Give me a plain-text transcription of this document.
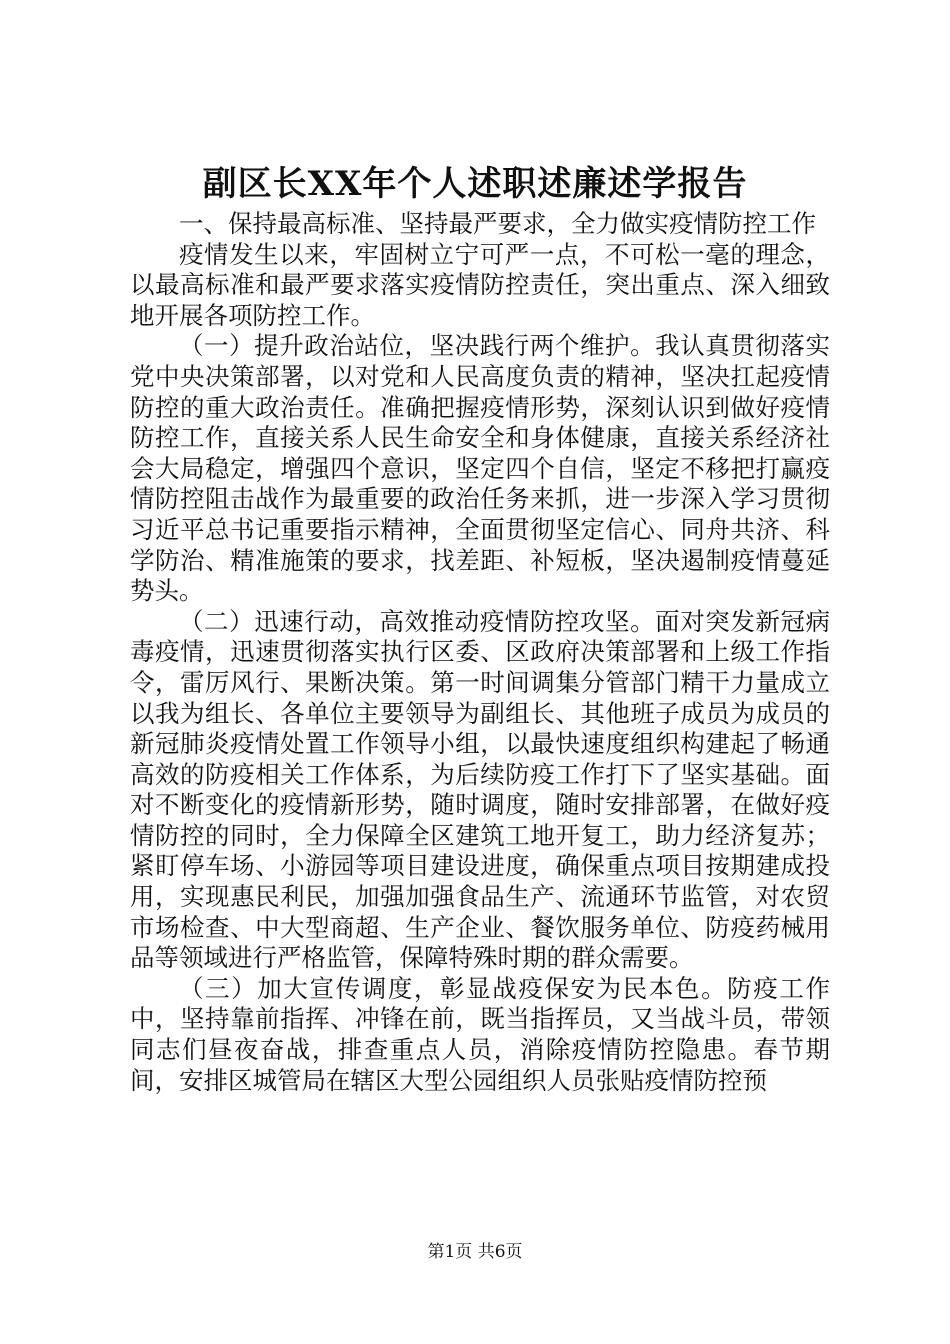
副区长XX年个人述职述廉述学报告

一、保持最高标准、坚持最严要求，全力做实疫情防控工作

疫情发生以来，牢固树立宁可严一点，不可松一毫的理念，以最高标准和最严要求落实疫情防控责任，突出重点、深入细致地开展各项防控工作。

（一）提升政治站位，坚决践行两个维护。我认真贯彻落实党中央决策部署，以对党和人民高度负责的精神，坚决扛起疫情防控的重大政治责任。准确把握疫情形势，深刻认识到做好疫情防控工作，直接关系人民生命安全和身体健康，直接关系经济社会大局稳定，增强四个意识，坚定四个自信，坚定不移把打赢疫情防控阻击战作为最重要的政治任务来抓，进一步深入学习贯彻习近平总书记重要指示精神，全面贯彻坚定信心、同舟共济、科学防治、精准施策的要求，找差距、补短板，坚决遏制疫情蔓延势头。

（二）迅速行动，高效推动疫情防控攻坚。面对突发新冠病毒疫情，迅速贯彻落实执行区委、区政府决策部署和上级工作指令，雷厉风行、果断决策。第一时间调集分管部门精干力量成立以我为组长、各单位主要领导为副组长、其他班子成员为成员的新冠肺炎疫情处置工作领导小组，以最快速度组织构建起了畅通高效的防疫相关工作体系，为后续防疫工作打下了坚实基础。面对不断变化的疫情新形势，随时调度，随时安排部署，在做好疫情防控的同时，全力保障全区建筑工地开复工，助力经济复苏；紧盯停车场、小游园等项目建设进度，确保重点项目按期建成投用，实现惠民利民，加强加强食品生产、流通环节监管，对农贸市场检查、中大型商超、生产企业、餐饮服务单位、防疫药械用品等领域进行严格监管，保障特殊时期的群众需要。

（三）加大宣传调度，彰显战疫保安为民本色。防疫工作中，坚持靠前指挥、冲锋在前，既当指挥员，又当战斗员，带领同志们昼夜奋战，排查重点人员，消除疫情防控隐患。春节期间，安排区城管局在辖区大型公园组织人员张贴疫情防控预

第1页 共6页
